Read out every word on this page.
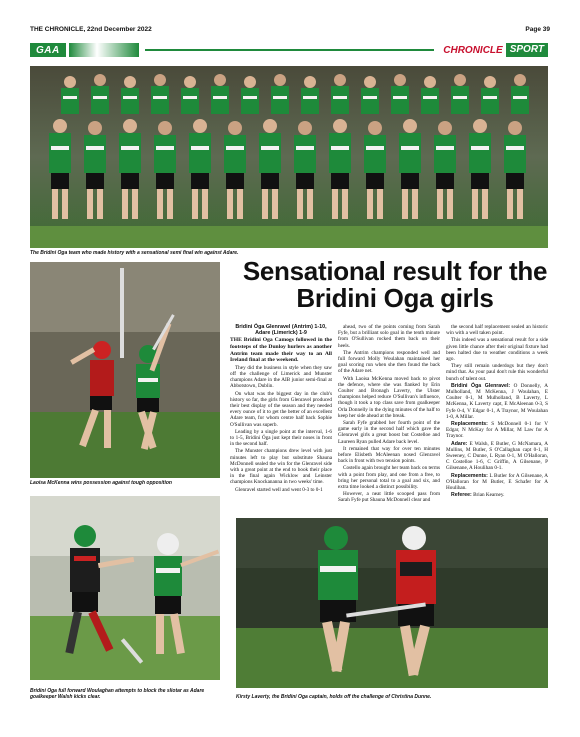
THE CHRONICLE, 22nd December 2022	Page 39
GAA	CHRONICLE SPORT
The Bridini Oga team who made history with a sensational semi final win against Adare.
Laoisa McKenna wins possession against tough opposition
Bridini Oga full forward Woulaghan attempts to block the sliotar as Adare goalkeeper Walsh kicks clear.
Sensational result for the Bridini Oga girls

Bridini Óga Glenravel (Antrim) 1-10, Adare (Limerick) 1-9

THE Bridini Oga Camogs followed in the footsteps of the Dunloy hurlers as another Antrim team made their way to an All Ireland final at the weekend.

They did the business in style when they saw off the challenge of Limerick and Munster champions Adare in the AIB junior semi-final at Abbotstown, Dublin.

On what was the biggest day in the club's history so far, the girls from Glenravel produced their best display of the season and they needed every ounce of it to get the better of an excellent Adare team, for whom centre half back Sophie O'Sullivan was superb.

Leading by a single point at the interval, 1-6 to 1-5, Bridini Óga just kept their noses in front in the second half.

The Munster champions drew level with just minutes left to play but substitute Shauna McDonnell sealed the win for the Glenravel side with a great point at the end to book their place in the final again Wicklow and Leinster champions Knockananna in two weeks' time.

Glenravel started well and went 0-3 to 0-1

ahead, two of the points coming from Sarah Fyfe, but a brilliant solo goal in the tenth minute from O'Sullivan rocked them back on their heels.

The Antrim champions responded well and full forward Molly Woulahan maintained her goal scoring run when she then found the back of the Adare net.

With Laoisa McKenna moved back to pivot the defence, where she was flanked by Erin Coulter and Bronagh Laverty, the Ulster champions helped reduce O'Sullivan's influence, though it took a top class save from goalkeeper Orla Donnelly in the dying minutes of the half to keep her side ahead at the break.

Sarah Fyfe grabbed her fourth point of the game early in the second half which gave the Glenravel girls a great boost but Costelloe and Laureen Ryan pulled Adare back level.

It remained that way for over ten minutes before Elisbeth McAleenan nosed Glenravel back in front with two tension points.

Costello again brought her team back on terms with a point from play, and one from a free, to bring her personal total to a goal and six, and extra time looked a distinct possibility.

However, a neat little scooped pass from Sarah Fyfe put Shauna McDonnell clear and

the second half replacement sealed an historic win with a well taken point.

This indeed was a sensational result for a side given little chance after their original fixture had been halted due to weather conditions a week ago.

They still remain underdogs but they don't mind that. As your paul don't rule this wonderful bunch of talent out.

Bridini Óga Glenravel: O Donnelly, A Mulholland, M McKenna, J Woulahan, E Coulter 0-1, M Mulholland, B Laverty, L McKenna, K Laverty capt, E McAleenan 0-3, S Fyfe 0-4, V Edgar 0-1, A Traynor, M Woulahan 1-0, A Millar.

Replacements: S McDonnell 0-1 for V Edgar, N McKay for A Millar, M Law for A Traynor.

Adare: E Walsh, E Butler, G McNamara, A Mullins, M Butler, S O'Callaghan capt 0-1, H Sweeney, C Dunne, L Ryan 0-1, M O'Halloran, C Costelloe 1-6, C Griffin, A Gilsenane, P Gilsenane, A Houlihan 0-1.

Replacements: L Butler for A Gilsenane, A O'Halloran for M Butler, E Schafer for A Houlihan.

Referee: Brian Kearney.

Kirsty Laverty, the Bridini Oga captain, holds off the challenge of Christina Dunne.
